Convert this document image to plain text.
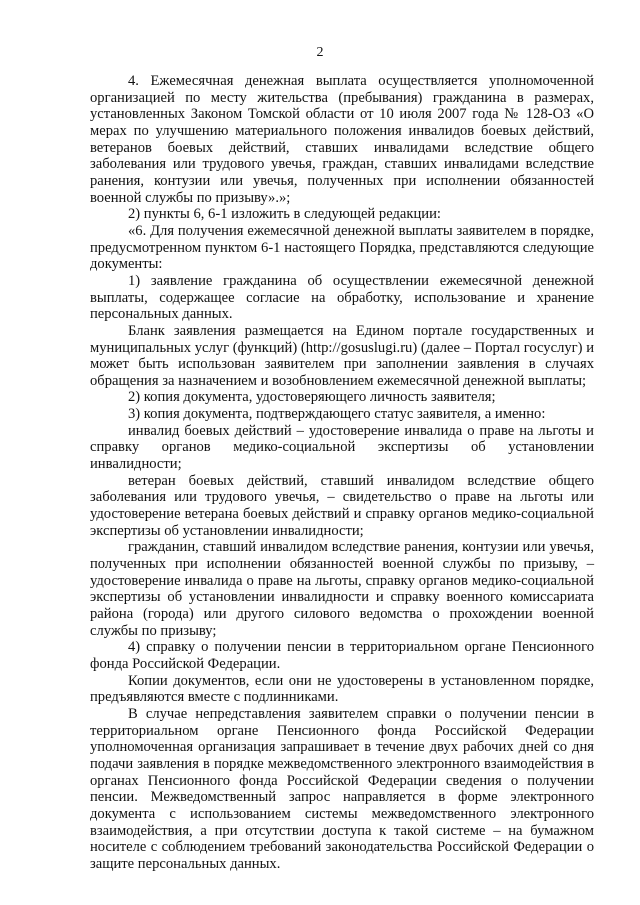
2

4. Ежемесячная денежная выплата осуществляется уполномоченной организацией по месту жительства (пребывания) гражданина в размерах, установленных Законом Томской области от 10 июля 2007 года № 128-ОЗ «О мерах по улучшению материального положения инвалидов боевых действий, ветеранов боевых действий, ставших инвалидами вследствие общего заболевания или трудового увечья, граждан, ставших инвалидами вследствие ранения, контузии или увечья, полученных при исполнении обязанностей военной службы по призыву».»;

2) пункты 6, 6-1 изложить в следующей редакции:

«6. Для получения ежемесячной денежной выплаты заявителем в порядке, предусмотренном пунктом 6-1 настоящего Порядка, представляются следующие документы:

1) заявление гражданина об осуществлении ежемесячной денежной выплаты, содержащее согласие на обработку, использование и хранение персональных данных.

Бланк заявления размещается на Едином портале государственных и муниципальных услуг (функций) (http://gosuslugi.ru) (далее – Портал госуслуг) и может быть использован заявителем при заполнении заявления в случаях обращения за назначением и возобновлением ежемесячной денежной выплаты;

2) копия документа, удостоверяющего личность заявителя;

3) копия документа, подтверждающего статус заявителя, а именно:

инвалид боевых действий – удостоверение инвалида о праве на льготы и справку органов медико-социальной экспертизы об установлении инвалидности;

ветеран боевых действий, ставший инвалидом вследствие общего заболевания или трудового увечья, – свидетельство о праве на льготы или удостоверение ветерана боевых действий и справку органов медико-социальной экспертизы об установлении инвалидности;

гражданин, ставший инвалидом вследствие ранения, контузии или увечья, полученных при исполнении обязанностей военной службы по призыву, – удостоверение инвалида о праве на льготы, справку органов медико-социальной экспертизы об установлении инвалидности и справку военного комиссариата района (города) или другого силового ведомства о прохождении военной службы по призыву;

4) справку о получении пенсии в территориальном органе Пенсионного фонда Российской Федерации.

Копии документов, если они не удостоверены в установленном порядке, предъявляются вместе с подлинниками.

В случае непредставления заявителем справки о получении пенсии в территориальном органе Пенсионного фонда Российской Федерации уполномоченная организация запрашивает в течение двух рабочих дней со дня подачи заявления в порядке межведомственного электронного взаимодействия в органах Пенсионного фонда Российской Федерации сведения о получении пенсии. Межведомственный запрос направляется в форме электронного документа с использованием системы межведомственного электронного взаимодействия, а при отсутствии доступа к такой системе – на бумажном носителе с соблюдением требований законодательства Российской Федерации о защите персональных данных.
